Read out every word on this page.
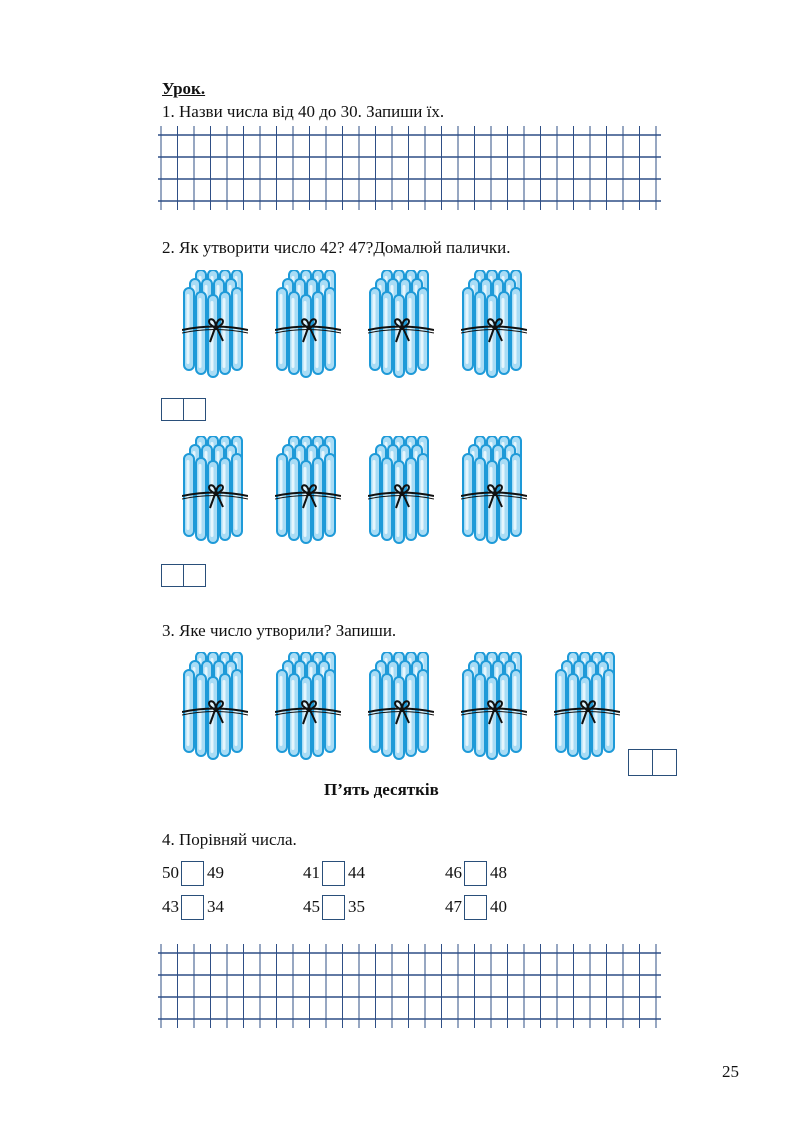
Урок.
1. Назви числа від 40 до 30. Запиши їх.
2. Як утворити число 42? 47?Домалюй палички.
3. Яке число утворили? Запиши.
П’ять десятків
4. Порівняй числа.
50 49	41 44	46 48
43 34	45 35	47 40
25
